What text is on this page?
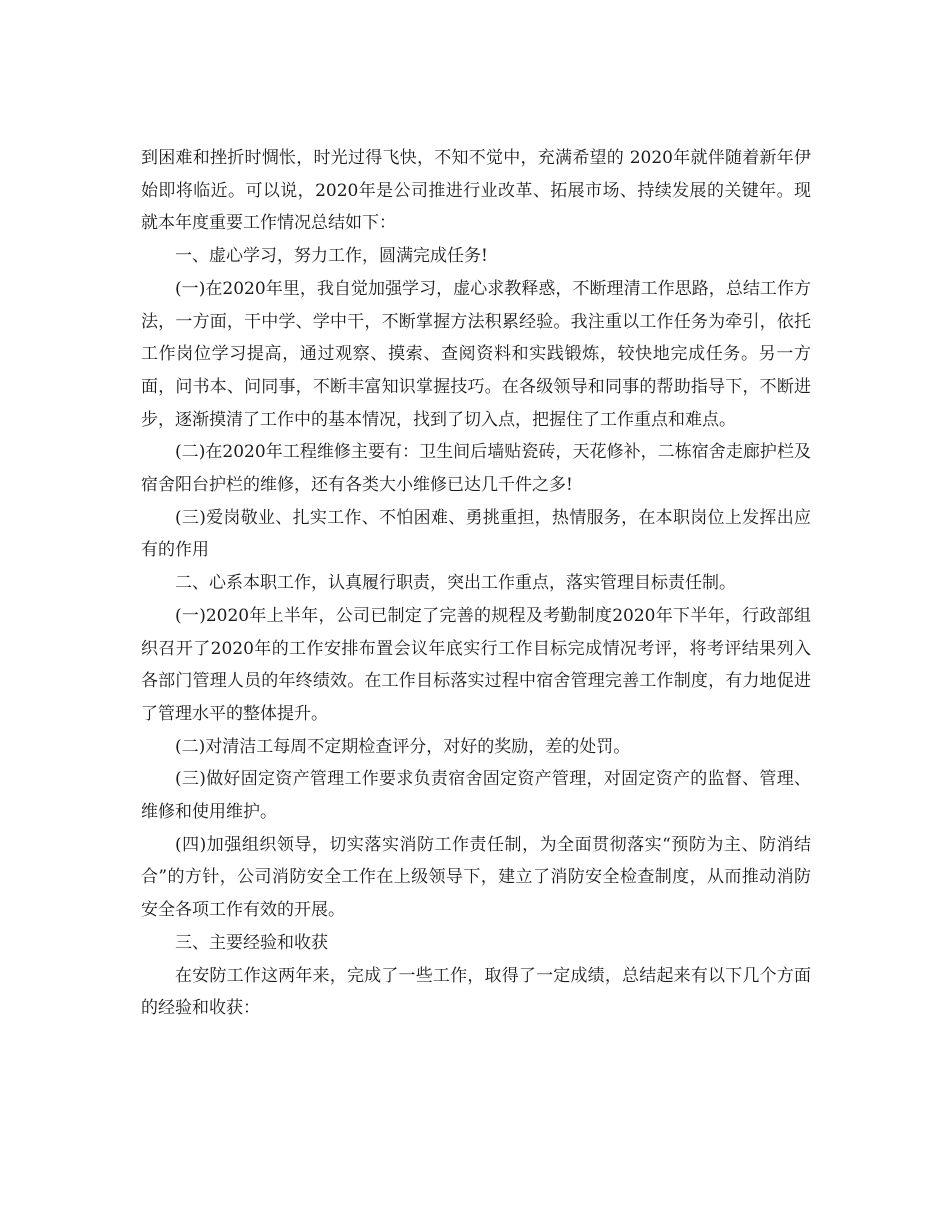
到困难和挫折时惆怅，时光过得飞快，不知不觉中，充满希望的 2020年就伴随着新年伊始即将临近。可以说，2020年是公司推进行业改革、拓展市场、持续发展的关键年。现就本年度重要工作情况总结如下：

一、虚心学习，努力工作，圆满完成任务!

(一)在2020年里，我自觉加强学习，虚心求教释惑，不断理清工作思路，总结工作方法，一方面，干中学、学中干，不断掌握方法积累经验。我注重以工作任务为牵引，依托工作岗位学习提高，通过观察、摸索、查阅资料和实践锻炼，较快地完成任务。另一方面，问书本、问同事，不断丰富知识掌握技巧。在各级领导和同事的帮助指导下，不断进步，逐渐摸清了工作中的基本情况，找到了切入点，把握住了工作重点和难点。

(二)在2020年工程维修主要有：卫生间后墙贴瓷砖，天花修补，二栋宿舍走廊护栏及宿舍阳台护栏的维修，还有各类大小维修已达几千件之多!

(三)爱岗敬业、扎实工作、不怕困难、勇挑重担，热情服务，在本职岗位上发挥出应有的作用

二、心系本职工作，认真履行职责，突出工作重点，落实管理目标责任制。

(一)2020年上半年，公司已制定了完善的规程及考勤制度2020年下半年，行政部组织召开了2020年的工作安排布置会议年底实行工作目标完成情况考评，将考评结果列入各部门管理人员的年终绩效。在工作目标落实过程中宿舍管理完善工作制度，有力地促进了管理水平的整体提升。

(二)对清洁工每周不定期检查评分，对好的奖励，差的处罚。

(三)做好固定资产管理工作要求负责宿舍固定资产管理，对固定资产的监督、管理、维修和使用维护。

(四)加强组织领导，切实落实消防工作责任制，为全面贯彻落实“预防为主、防消结合”的方针，公司消防安全工作在上级领导下，建立了消防安全检查制度，从而推动消防安全各项工作有效的开展。

三、主要经验和收获

在安防工作这两年来，完成了一些工作，取得了一定成绩，总结起来有以下几个方面的经验和收获：
